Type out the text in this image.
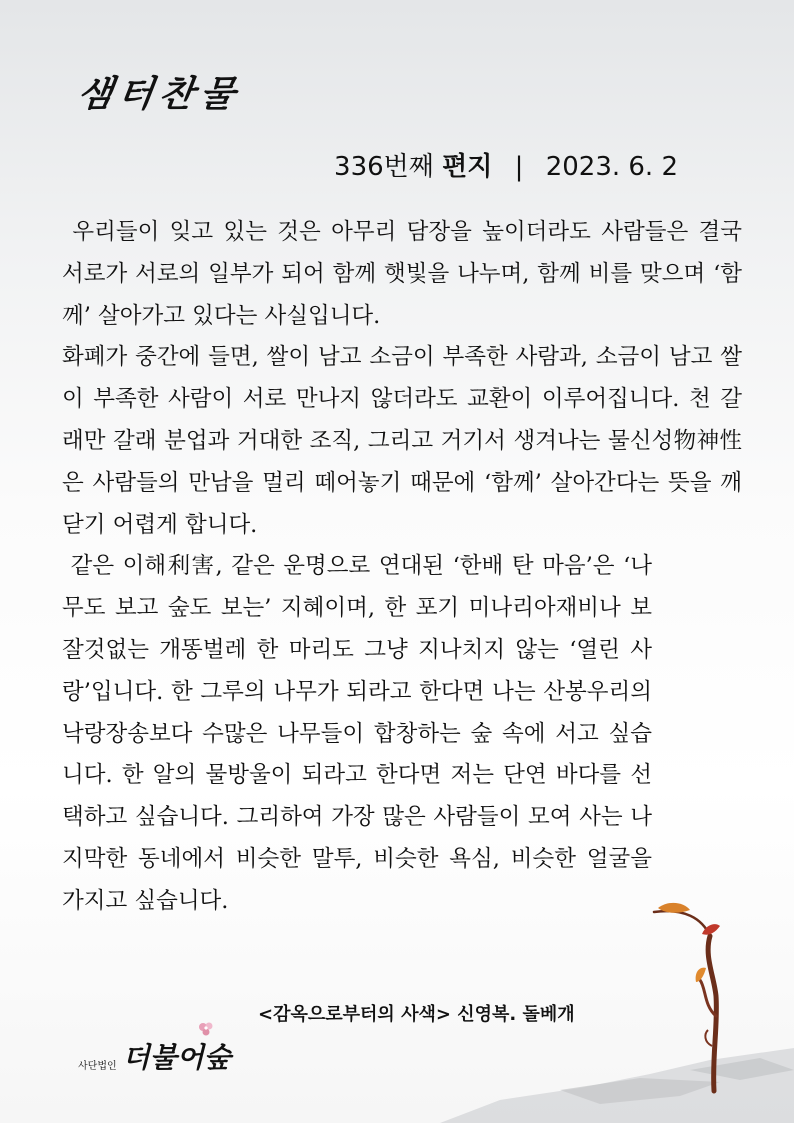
샘터찬물
336번째 편지 | 2023. 6. 2

우리들이 잊고 있는 것은 아무리 담장을 높이더라도 사람들은 결국 서로가 서로의 일부가 되어 함께 햇빛을 나누며, 함께 비를 맞으며 ‘함께’ 살아가고 있다는 사실입니다.

화폐가 중간에 들면, 쌀이 남고 소금이 부족한 사람과, 소금이 남고 쌀이 부족한 사람이 서로 만나지 않더라도 교환이 이루어집니다. 천 갈래만 갈래 분업과 거대한 조직, 그리고 거기서 생겨나는 물신성物神性은 사람들의 만남을 멀리 떼어놓기 때문에 ‘함께’ 살아간다는 뜻을 깨닫기 어렵게 합니다.

같은 이해利害, 같은 운명으로 연대된 ‘한배 탄 마음’은 ‘나무도 보고 숲도 보는’ 지혜이며, 한 포기 미나리아재비나 보잘것없는 개똥벌레 한 마리도 그냥 지나치지 않는 ‘열린 사랑’입니다. 한 그루의 나무가 되라고 한다면 나는 산봉우리의 낙랑장송보다 수많은 나무들이 합창하는 숲 속에 서고 싶습니다. 한 알의 물방울이 되라고 한다면 저는 단연 바다를 선택하고 싶습니다. 그리하여 가장 많은 사람들이 모여 사는 나지막한 동네에서 비슷한 말투, 비슷한 욕심, 비슷한 얼굴을 가지고 싶습니다.

<감옥으로부터의 사색> 신영복. 돌베개
사단법인 더불어숲
